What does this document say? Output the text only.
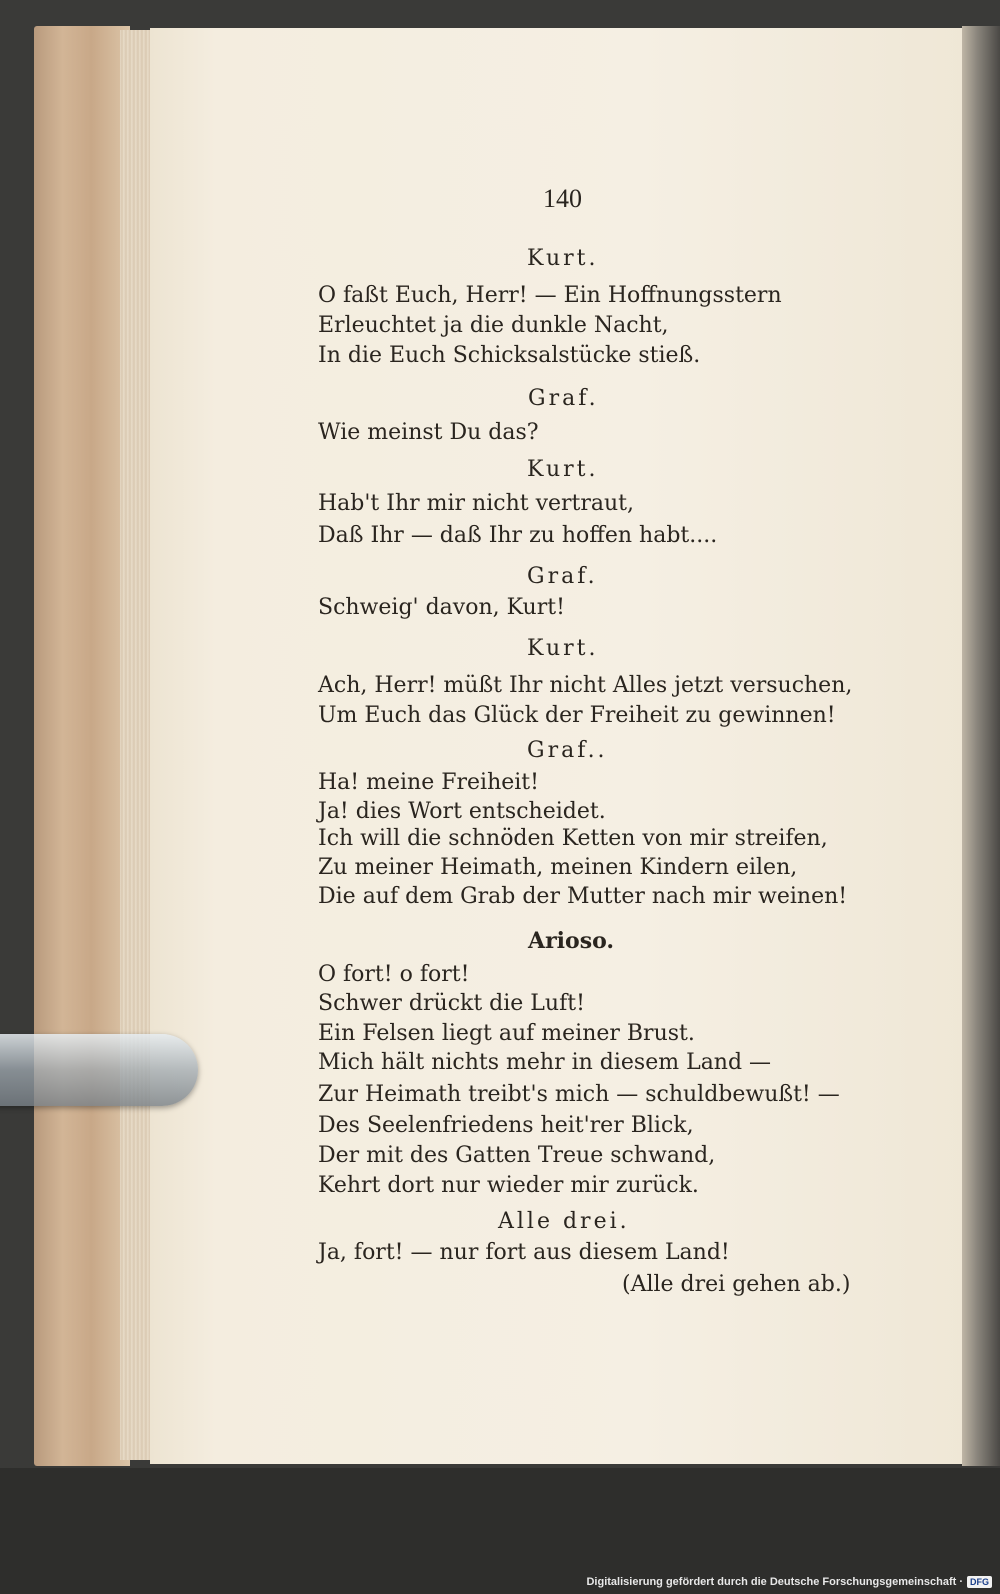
140
Kurt.
O faßt Euch, Herr! — Ein Hoffnungsstern
Erleuchtet ja die dunkle Nacht,
In die Euch Schicksalstücke stieß.
Graf.
Wie meinst Du das?
Kurt.
Hab't Ihr mir nicht vertraut,
Daß Ihr — daß Ihr zu hoffen habt....
Graf.
Schweig' davon, Kurt!
Kurt.
Ach, Herr! müßt Ihr nicht Alles jetzt versuchen,
Um Euch das Glück der Freiheit zu gewinnen!
Graf..
Ha! meine Freiheit!
Ja! dies Wort entscheidet.
Ich will die schnöden Ketten von mir streifen,
Zu meiner Heimath, meinen Kindern eilen,
Die auf dem Grab der Mutter nach mir weinen!
Arioso.
O fort! o fort!
Schwer drückt die Luft!
Ein Felsen liegt auf meiner Brust.
Mich hält nichts mehr in diesem Land —
Zur Heimath treibt's mich — schuldbewußt! —
Des Seelenfriedens heit'rer Blick,
Der mit des Gatten Treue schwand,
Kehrt dort nur wieder mir zurück.
Alle drei.
Ja, fort! — nur fort aus diesem Land!
(Alle drei gehen ab.)
Digitalisierung gefördert durch die Deutsche Forschungsgemeinschaft · DFG
